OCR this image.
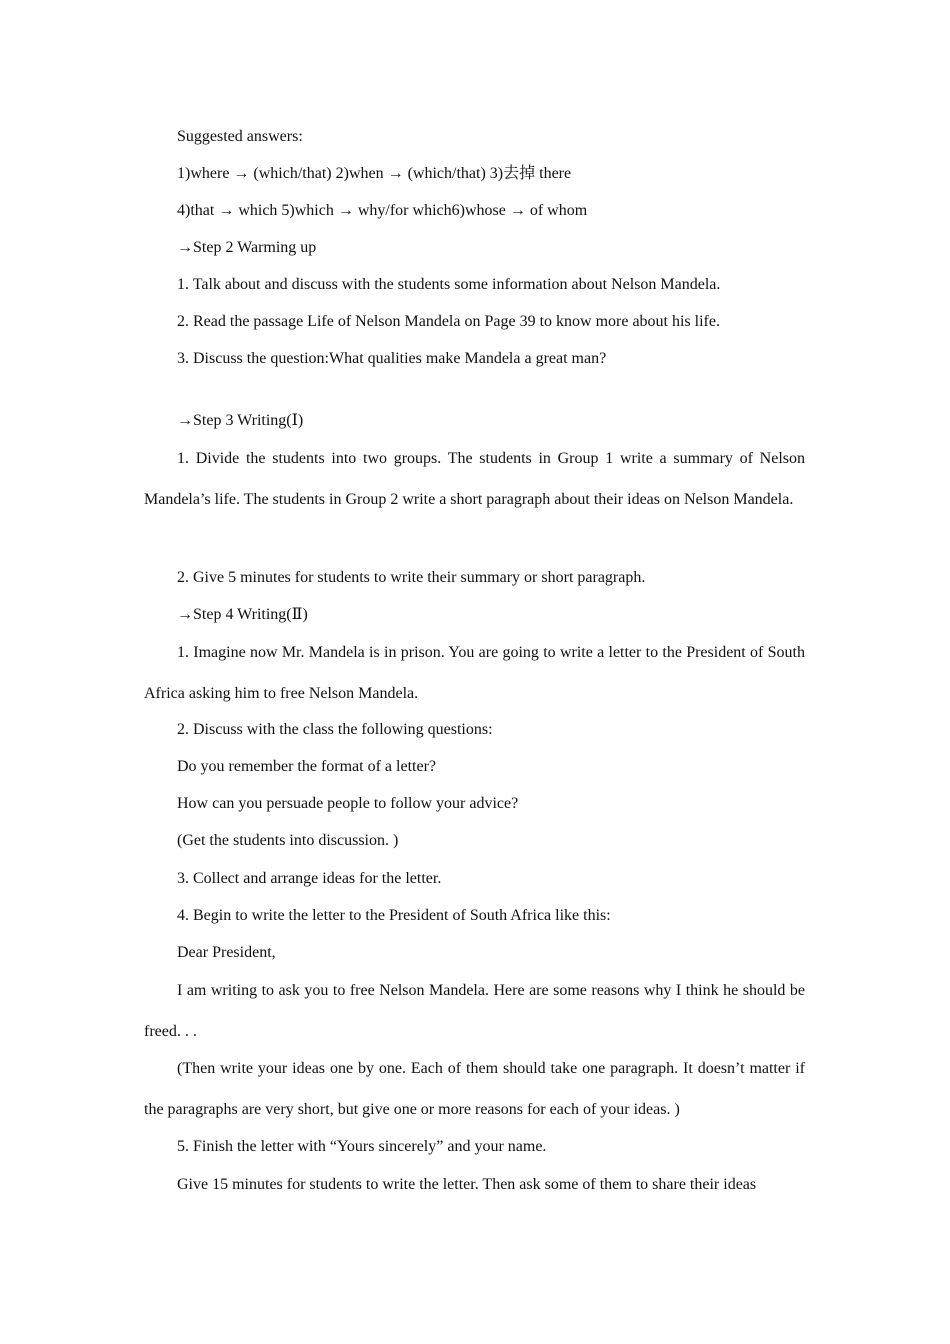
Suggested answers:
1)where → (which/that) 2)when → (which/that) 3)去掉 there
4)that → which 5)which → why/for which6)whose → of whom
→Step 2 Warming up
1. Talk about and discuss with the students some information about Nelson Mandela.
2. Read the passage Life of Nelson Mandela on Page 39 to know more about his life.
3. Discuss the question:What qualities make Mandela a great man?
→Step 3 Writing(Ⅰ)
1. Divide the students into two groups. The students in Group 1 write a summary of Nelson Mandela’s life. The students in Group 2 write a short paragraph about their ideas on Nelson Mandela.
2. Give 5 minutes for students to write their summary or short paragraph.
→Step 4 Writing(Ⅱ)
1. Imagine now Mr. Mandela is in prison. You are going to write a letter to the President of South Africa asking him to free Nelson Mandela.
2. Discuss with the class the following questions:
Do you remember the format of a letter?
How can you persuade people to follow your advice?
(Get the students into discussion. )
3. Collect and arrange ideas for the letter.
4. Begin to write the letter to the President of South Africa like this:
Dear President,
I am writing to ask you to free Nelson Mandela. Here are some reasons why I think he should be freed. . .
(Then write your ideas one by one. Each of them should take one paragraph. It doesn’t matter if the paragraphs are very short, but give one or more reasons for each of your ideas. )
5. Finish the letter with “Yours sincerely” and your name.
Give 15 minutes for students to write the letter. Then ask some of them to share their ideas
